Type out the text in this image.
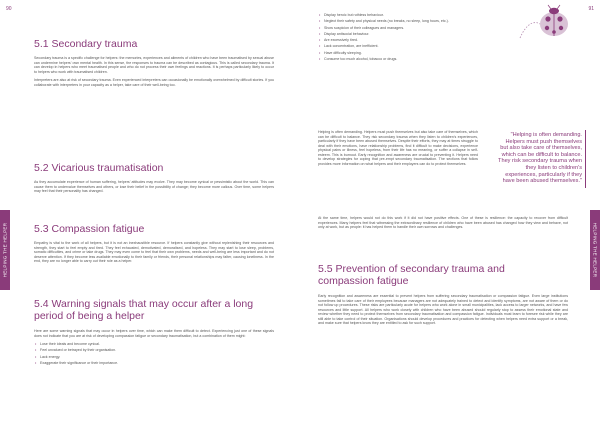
90
5.1 Secondary trauma

Secondary trauma is a specific challenge for helpers: the memories, experiences and ailments of children who have been traumatised by sexual abuse can undermine helpers' own mental health. In this sense, the responses to trauma can be described as contagious. This is called secondary trauma. It can develop in helpers who meet traumatised people and who do not process their own feelings and reactions. It is perhaps particularly likely to occur to helpers who work with traumatised children.

Interpreters are also at risk of secondary trauma. Even experienced interpreters can occasionally be emotionally overwhelmed by difficult stories. If you collaborate with interpreters in your capacity as a helper, take care of their well-being too.

5.2 Vicarious traumatisation

As they accumulate experience of human suffering, helpers' attitudes may evolve. They may become cynical or pessimistic about the world. This can cause them to undervalue themselves and others, or lose their belief in the possibility of change; they become more callous. Over time, some helpers may feel that their personality has changed.

5.3 Compassion fatigue

Empathy is vital to the work of all helpers, but it is not an inexhaustible resource. If helpers constantly give without replenishing their resources and strength, they start to feel empty and tired. They feel exhausted, demotivated, demoralised, and hopeless. They may start to lose sleep, problems, somatic difficulties, and crime or take drugs. They may even come to feel that their own problems, needs and well-being are less important and do not deserve attention. If they become less available emotionally to their family or friends, their personal relationships may falter, causing loneliness. In the end, they are no longer able to carry out their role as a helper.

5.4 Warning signals that may occur after a long period of being a helper

Here are some warning signals that may occur in helpers over time, which can make them difficult to detect. Experiencing just one of these signals does not indicate that you are at risk of developing compassion fatigue or secondary traumatisation, but a combination of them might:

• Lose their ideals and become cynical.
• Feel unvalued or betrayed by their organisation.
• Lack energy.
• Exaggerate their significance or their importance.
HELPING THE HELPER
91
• Display heroic but ruthless behaviour.
• Neglect their safety and physical needs (no breaks, no sleep, long hours, etc.).
• Show suspicion of their colleagues and managers.
• Display antisocial behaviour.
• Are excessively tired.
• Lack concentration, are inefficient.
• Have difficulty sleeping.
• Consume too much alcohol, tobacco or drugs.

Helping is often demanding. Helpers must push themselves but also take care of themselves, which can be difficult to balance. They risk secondary trauma when they listen to children's experiences, particularly if they have been abused themselves. Despite their efforts, they may at times struggle to deal with their emotions, have relationship problems, find it difficult to make decisions, experience physical pains or illness, feel hopeless, from their life has no meaning, or suffer a collapse in self-esteem. This is burnout. Early recognition and awareness are crucial to preventing it. Helpers need to develop strategies for coping that pre-empt secondary traumatisation. The sections that follow provides more information on what helpers and their employers can do to protect themselves.

"Helping is often demanding. Helpers must push themselves but also take care of themselves, which can be difficult to balance. They risk secondary trauma when they listen to children's experiences, particularly if they have been abused themselves."

At the same time, helpers would not do this work if it did not have positive effects. One of these is resilience: the capacity to recover from difficult experiences. Many helpers feel that witnessing the extraordinary resilience of children who have been abused has changed how they view and behave, not only at work, but as people: it has helped them to handle their own sorrows and challenges.

5.5 Prevention of secondary trauma and compassion fatigue

Early recognition and awareness are essential to prevent helpers from suffering secondary traumatisation or compassion fatigue. Even large institutions sometimes fail to take care of their employees because managers are not adequately trained to detect and identify symptoms, are not aware of them or do not follow up procedures. These risks are particularly acute for helpers who work alone in small municipalities, lack access to larger networks, and have few resources and little support. All helpers who work closely with children who have been abused should regularly stop to assess their emotional state and review whether they need to protect themselves from secondary traumatisation and compassion fatigue. Individuals must learn to foresee risk while they are still able to take control of their situation. Organisations should develop procedures and practices for detecting when helpers need extra support or a break, and make sure that helpers know they are entitled to ask for such support.

HELPING THE HELPER
